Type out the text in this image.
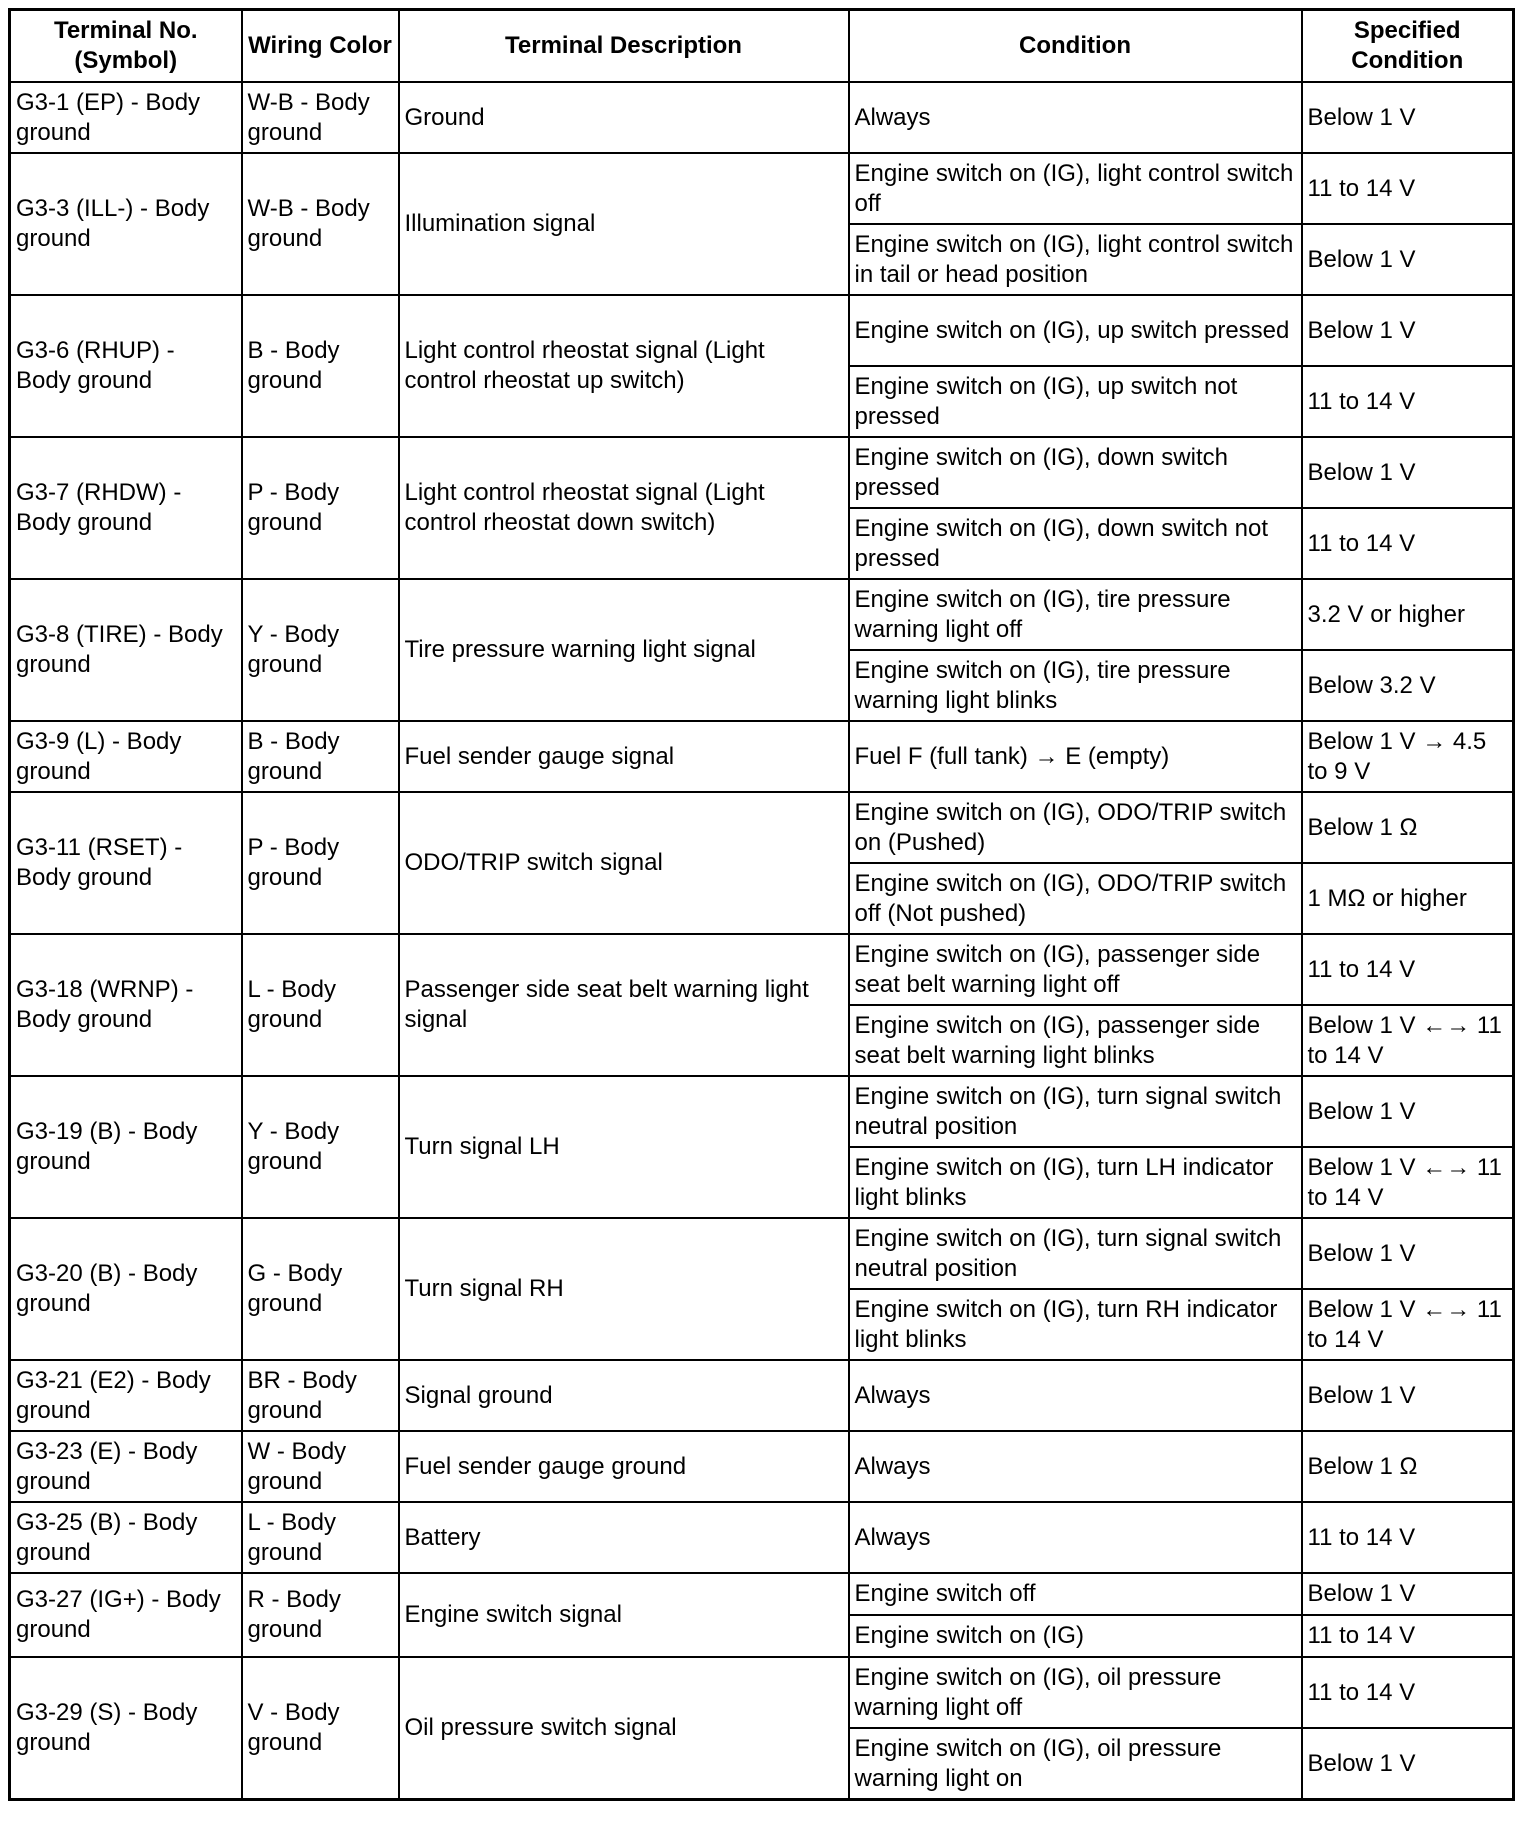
Terminal No. (Symbol)	Wiring Color	Terminal Description	Condition	Specified Condition
G3-1 (EP) - Body ground	W-B - Body ground	Ground	Always	Below 1 V
G3-3 (ILL-) - Body ground	W-B - Body ground	Illumination signal	Engine switch on (IG), light control switch off	11 to 14 V
			Engine switch on (IG), light control switch in tail or head position	Below 1 V
G3-6 (RHUP) - Body ground	B - Body ground	Light control rheostat signal (Light control rheostat up switch)	Engine switch on (IG), up switch pressed	Below 1 V
			Engine switch on (IG), up switch not pressed	11 to 14 V
G3-7 (RHDW) - Body ground	P - Body ground	Light control rheostat signal (Light control rheostat down switch)	Engine switch on (IG), down switch pressed	Below 1 V
			Engine switch on (IG), down switch not pressed	11 to 14 V
G3-8 (TIRE) - Body ground	Y - Body ground	Tire pressure warning light signal	Engine switch on (IG), tire pressure warning light off	3.2 V or higher
			Engine switch on (IG), tire pressure warning light blinks	Below 3.2 V
G3-9 (L) - Body ground	B - Body ground	Fuel sender gauge signal	Fuel F (full tank) → E (empty)	Below 1 V → 4.5 to 9 V
G3-11 (RSET) - Body ground	P - Body ground	ODO/TRIP switch signal	Engine switch on (IG), ODO/TRIP switch on (Pushed)	Below 1 Ω
			Engine switch on (IG), ODO/TRIP switch off (Not pushed)	1 MΩ or higher
G3-18 (WRNP) - Body ground	L - Body ground	Passenger side seat belt warning light signal	Engine switch on (IG), passenger side seat belt warning light off	11 to 14 V
			Engine switch on (IG), passenger side seat belt warning light blinks	Below 1 V ←→ 11 to 14 V
G3-19 (B) - Body ground	Y - Body ground	Turn signal LH	Engine switch on (IG), turn signal switch neutral position	Below 1 V
			Engine switch on (IG), turn LH indicator light blinks	Below 1 V ←→ 11 to 14 V
G3-20 (B) - Body ground	G - Body ground	Turn signal RH	Engine switch on (IG), turn signal switch neutral position	Below 1 V
			Engine switch on (IG), turn RH indicator light blinks	Below 1 V ←→ 11 to 14 V
G3-21 (E2) - Body ground	BR - Body ground	Signal ground	Always	Below 1 V
G3-23 (E) - Body ground	W - Body ground	Fuel sender gauge ground	Always	Below 1 Ω
G3-25 (B) - Body ground	L - Body ground	Battery	Always	11 to 14 V
G3-27 (IG+) - Body ground	R - Body ground	Engine switch signal	Engine switch off	Below 1 V
			Engine switch on (IG)	11 to 14 V
G3-29 (S) - Body ground	V - Body ground	Oil pressure switch signal	Engine switch on (IG), oil pressure warning light off	11 to 14 V
			Engine switch on (IG), oil pressure warning light on	Below 1 V
